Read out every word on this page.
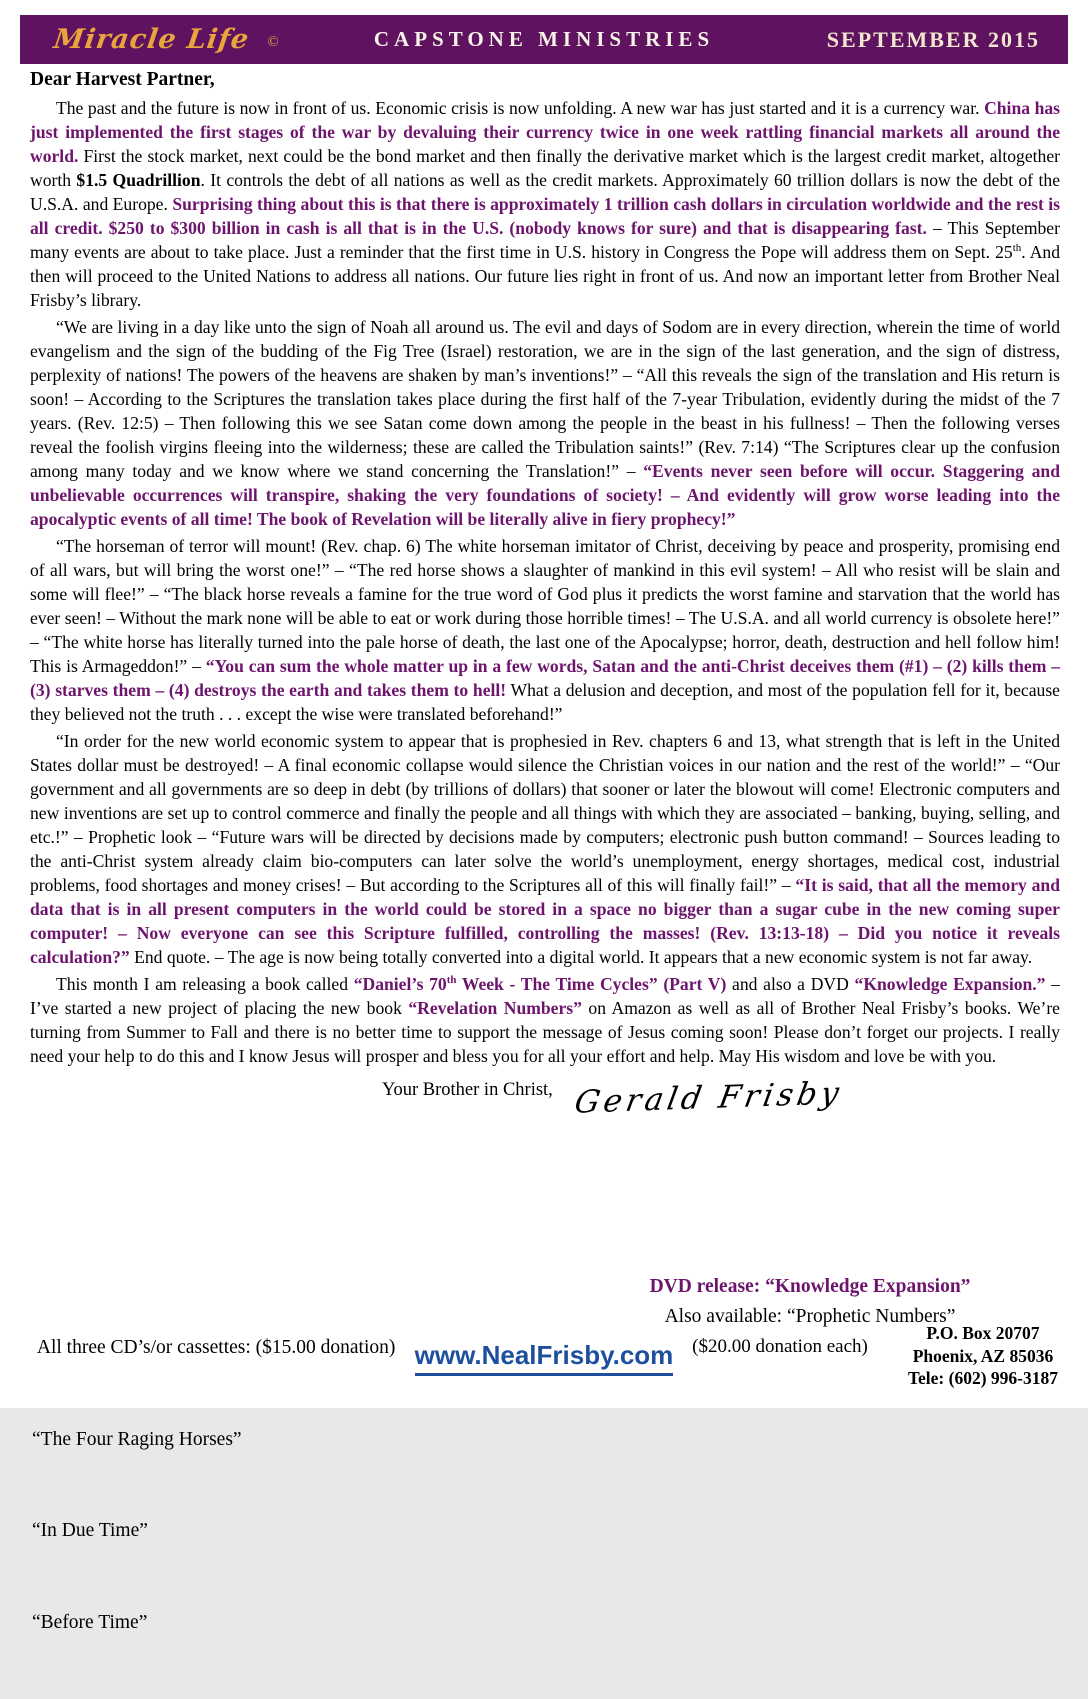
Miracle Life ©	CAPSTONE MINISTRIES	SEPTEMBER 2015
Dear Harvest Partner,

The past and the future is now in front of us. Economic crisis is now unfolding. A new war has just started and it is a currency war. China has just implemented the first stages of the war by devaluing their currency twice in one week rattling financial markets all around the world. First the stock market, next could be the bond market and then finally the derivative market which is the largest credit market, altogether worth $1.5 Quadrillion. It controls the debt of all nations as well as the credit markets. Approximately 60 trillion dollars is now the debt of the U.S.A. and Europe. Surprising thing about this is that there is approximately 1 trillion cash dollars in circulation worldwide and the rest is all credit. $250 to $300 billion in cash is all that is in the U.S. (nobody knows for sure) and that is disappearing fast. – This September many events are about to take place. Just a reminder that the first time in U.S. history in Congress the Pope will address them on Sept. 25th. And then will proceed to the United Nations to address all nations. Our future lies right in front of us. And now an important letter from Brother Neal Frisby’s library.

“We are living in a day like unto the sign of Noah all around us. The evil and days of Sodom are in every direction, wherein the time of world evangelism and the sign of the budding of the Fig Tree (Israel) restoration, we are in the sign of the last generation, and the sign of distress, perplexity of nations! The powers of the heavens are shaken by man’s inventions!” – “All this reveals the sign of the translation and His return is soon! – According to the Scriptures the translation takes place during the first half of the 7-year Tribulation, evidently during the midst of the 7 years. (Rev. 12:5) – Then following this we see Satan come down among the people in the beast in his fullness! – Then the following verses reveal the foolish virgins fleeing into the wilderness; these are called the Tribulation saints!” (Rev. 7:14) “The Scriptures clear up the confusion among many today and we know where we stand concerning the Translation!” – “Events never seen before will occur. Staggering and unbelievable occurrences will transpire, shaking the very foundations of society! – And evidently will grow worse leading into the apocalyptic events of all time! The book of Revelation will be literally alive in fiery prophecy!”

“The horseman of terror will mount! (Rev. chap. 6) The white horseman imitator of Christ, deceiving by peace and prosperity, promising end of all wars, but will bring the worst one!” – “The red horse shows a slaughter of mankind in this evil system! – All who resist will be slain and some will flee!” – “The black horse reveals a famine for the true word of God plus it predicts the worst famine and starvation that the world has ever seen! – Without the mark none will be able to eat or work during those horrible times! – The U.S.A. and all world currency is obsolete here!” – “The white horse has literally turned into the pale horse of death, the last one of the Apocalypse; horror, death, destruction and hell follow him! This is Armageddon!” – “You can sum the whole matter up in a few words, Satan and the anti-Christ deceives them (#1) – (2) kills them – (3) starves them – (4) destroys the earth and takes them to hell! What a delusion and deception, and most of the population fell for it, because they believed not the truth . . . except the wise were translated beforehand!”

“In order for the new world economic system to appear that is prophesied in Rev. chapters 6 and 13, what strength that is left in the United States dollar must be destroyed! – A final economic collapse would silence the Christian voices in our nation and the rest of the world!” – “Our government and all governments are so deep in debt (by trillions of dollars) that sooner or later the blowout will come! Electronic computers and new inventions are set up to control commerce and finally the people and all things with which they are associated – banking, buying, selling, and etc.!” – Prophetic look – “Future wars will be directed by decisions made by computers; electronic push button command! – Sources leading to the anti-Christ system already claim bio-computers can later solve the world’s unemployment, energy shortages, medical cost, industrial problems, food shortages and money crises! – But according to the Scriptures all of this will finally fail!” – “It is said, that all the memory and data that is in all present computers in the world could be stored in a space no bigger than a sugar cube in the new coming super computer! – Now everyone can see this Scripture fulfilled, controlling the masses! (Rev. 13:13-18) – Did you notice it reveals calculation?” End quote. – The age is now being totally converted into a digital world. It appears that a new economic system is not far away.

This month I am releasing a book called “Daniel’s 70th Week - The Time Cycles” (Part V) and also a DVD “Knowledge Expansion.” – I’ve started a new project of placing the new book “Revelation Numbers” on Amazon as well as all of Brother Neal Frisby’s books. We’re turning from Summer to Fall and there is no better time to support the message of Jesus coming soon! Please don’t forget our projects. I really need your help to do this and I know Jesus will prosper and bless you for all your effort and help. May His wisdom and love be with you.

Your Brother in Christ, Gerald Frisby

All three CD’s/or cassettes: ($15.00 donation)

“The Four Raging Horses”

“In Due Time”

“Before Time”

DVD release: “Knowledge Expansion”
Also available: “Prophetic Numbers”
($20.00 donation each)
P.O. Box 20707
Phoenix, AZ 85036
Tele: (602) 996-3187
www.NealFrisby.com
